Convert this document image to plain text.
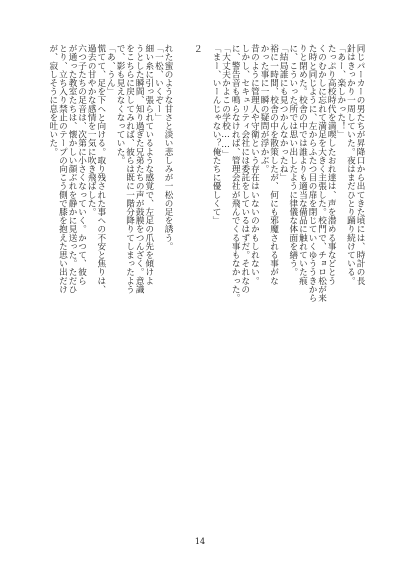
同じパーカーの男たちが昇降口から出てきた頃には、時計の長
針はきっかり一周していた。夜はまだひとり踊り続けている。
「あー、楽しかった！」
たっぷり高校時代を満喫したおれ達は、声を潜める事などとう
くのむかしに忘れて満足を大きく主張した。校門で、チョロ松が来
た時と同じように、左からふたつ目の扉を閉じていくゆううきから
りと閉めた。校舎の中では誰よりも適当な備品に触れていた痕
に、こういった所では思い出したように律儀な体面を繕う。
「結局誰にも見つかんなかったね」
裕に一時間、校舎の中を散策したが、何にも邪魔される事がな
かった事に一瞬の疑問が浮かぶ。
昔のように管理人や守衛という存在はいないのかもしれない。
しかし、セキュリティ会社には委託をしているはずだ。それなの
に、警告音も鳴らなければ、管理会社が飛んでくる事もなかった。
「大丈夫かよこの学校……」
「まー、いーんじゃない？俺たちに優しくて」
２
れた蜜のような甘さと淡い悲しみが一松の足を誘う。
「一松、いくぞー」
細い糸に引っ張られているような感覚で、左足の爪先を傾けよ
うとした瞬間、知り過ぎた兄弟たちの声が鼓膜をつんざく。意識
をこちらに戻してみれば、彼らは既に一階分降りてしまったよう
で、影も見えなくなっていた。
「あ、うん」
慌てて、足を下へと向ける。取り残された事への不安と焦りは、
過去の甘やかな感情を一気に吹き飛ばした。
六つ子たちの足音は、次第に小さくなっていく。かつて、彼ら
が通った教室たちは、懐かしい顔ぶれを静かに見送った。ただひ
とり、立ち入り禁止のテープの向こう側で膝を抱えた思い出だけ
が、寂しそうに息を吐いた。
14
